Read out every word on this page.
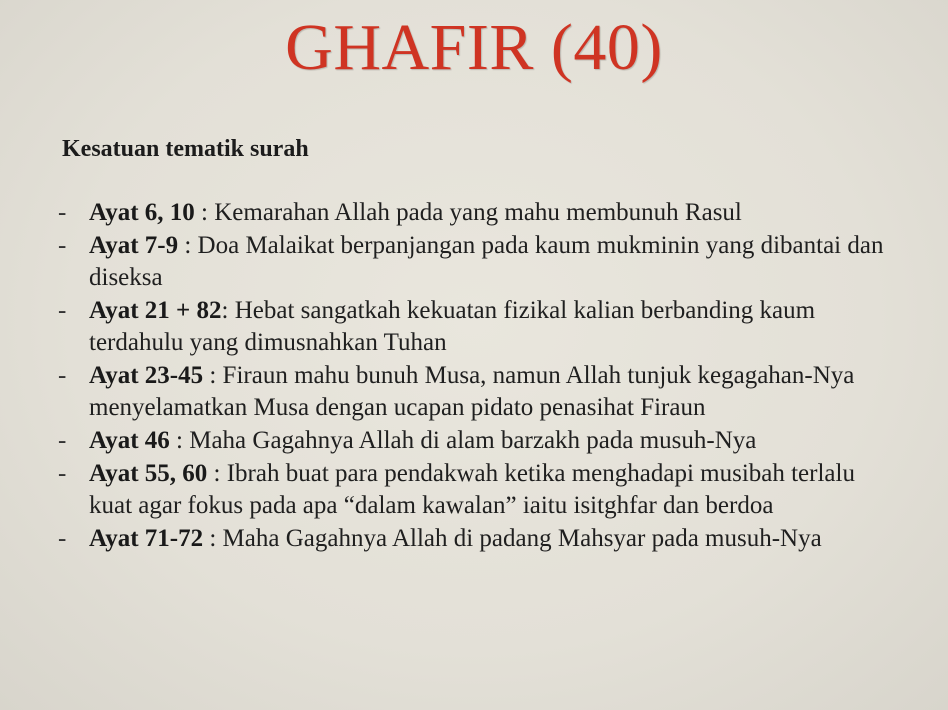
GHAFIR (40)
Kesatuan tematik surah
- Ayat 6, 10 : Kemarahan Allah pada yang mahu membunuh Rasul
- Ayat 7-9 : Doa Malaikat berpanjangan pada kaum mukminin yang dibantai dan diseksa
- Ayat 21 + 82: Hebat sangatkah kekuatan fizikal kalian berbanding kaum terdahulu yang dimusnahkan Tuhan
- Ayat 23-45 : Firaun mahu bunuh Musa, namun Allah tunjuk kegagahan-Nya menyelamatkan Musa dengan ucapan pidato penasihat Firaun
- Ayat 46 : Maha Gagahnya Allah di alam barzakh pada musuh-Nya
- Ayat 55, 60 : Ibrah buat para pendakwah ketika menghadapi musibah terlalu kuat agar fokus pada apa “dalam kawalan” iaitu isitghfar dan berdoa
- Ayat 71-72 : Maha Gagahnya Allah di padang Mahsyar pada musuh-Nya
